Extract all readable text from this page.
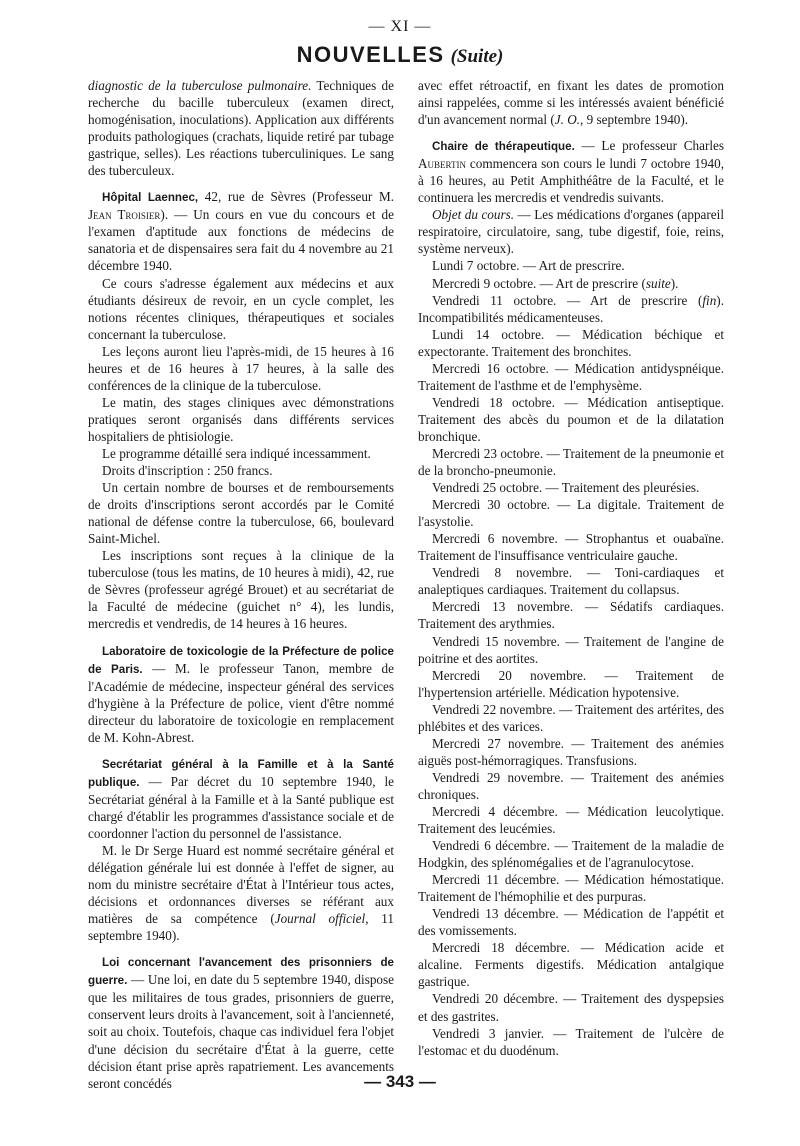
— XI —
NOUVELLES (Suite)

diagnostic de la tuberculose pulmonaire. Techniques de recherche du bacille tuberculeux (examen direct, homogénisation, inoculations). Application aux différents produits pathologiques (crachats, liquide retiré par tubage gastrique, selles). Les réactions tuberculiniques. Le sang des tuberculeux.

Hôpital Laennec, 42, rue de Sèvres (Professeur M. Jean Troisier). — Un cours en vue du concours et de l'examen d'aptitude aux fonctions de médecins de sanatoria et de dispensaires sera fait du 4 novembre au 21 décembre 1940.

Ce cours s'adresse également aux médecins et aux étudiants désireux de revoir, en un cycle complet, les notions récentes cliniques, thérapeutiques et sociales concernant la tuberculose.

Les leçons auront lieu l'après-midi, de 15 heures à 16 heures et de 16 heures à 17 heures, à la salle des conférences de la clinique de la tuberculose.

Le matin, des stages cliniques avec démonstrations pratiques seront organisés dans différents services hospitaliers de phtisiologie.

Le programme détaillé sera indiqué incessamment.

Droits d'inscription : 250 francs.

Un certain nombre de bourses et de remboursements de droits d'inscriptions seront accordés par le Comité national de défense contre la tuberculose, 66, boulevard Saint-Michel.

Les inscriptions sont reçues à la clinique de la tuberculose (tous les matins, de 10 heures à midi), 42, rue de Sèvres (professeur agrégé Brouet) et au secrétariat de la Faculté de médecine (guichet n° 4), les lundis, mercredis et vendredis, de 14 heures à 16 heures.

Laboratoire de toxicologie de la Préfecture de police de Paris. — M. le professeur Tanon, membre de l'Académie de médecine, inspecteur général des services d'hygiène à la Préfecture de police, vient d'être nommé directeur du laboratoire de toxicologie en remplacement de M. Kohn-Abrest.

Secrétariat général à la Famille et à la Santé publique. — Par décret du 10 septembre 1940, le Secrétariat général à la Famille et à la Santé publique est chargé d'établir les programmes d'assistance sociale et de coordonner l'action du personnel de l'assistance.

M. le Dr Serge Huard est nommé secrétaire général et délégation générale lui est donnée à l'effet de signer, au nom du ministre secrétaire d'État à l'Intérieur tous actes, décisions et ordonnances diverses se référant aux matières de sa compétence (Journal officiel, 11 septembre 1940).

Loi concernant l'avancement des prisonniers de guerre. — Une loi, en date du 5 septembre 1940, dispose que les militaires de tous grades, prisonniers de guerre, conservent leurs droits à l'avancement, soit à l'ancienneté, soit au choix. Toutefois, chaque cas individuel fera l'objet d'une décision du secrétaire d'État à la guerre, cette décision étant prise après rapatriement. Les avancements seront concédés

avec effet rétroactif, en fixant les dates de promotion ainsi rappelées, comme si les intéressés avaient bénéficié d'un avancement normal (J. O., 9 septembre 1940).

Chaire de thérapeutique. — Le professeur Charles Aubertin commencera son cours le lundi 7 octobre 1940, à 16 heures, au Petit Amphithéâtre de la Faculté, et le continuera les mercredis et vendredis suivants.

Objet du cours. — Les médications d'organes (appareil respiratoire, circulatoire, sang, tube digestif, foie, reins, système nerveux).

Lundi 7 octobre. — Art de prescrire.

Mercredi 9 octobre. — Art de prescrire (suite).

Vendredi 11 octobre. — Art de prescrire (fin). Incompatibilités médicamenteuses.

Lundi 14 octobre. — Médication béchique et expectorante. Traitement des bronchites.

Mercredi 16 octobre. — Médication antidyspnéique. Traitement de l'asthme et de l'emphysème.

Vendredi 18 octobre. — Médication antiseptique. Traitement des abcès du poumon et de la dilatation bronchique.

Mercredi 23 octobre. — Traitement de la pneumonie et de la broncho-pneumonie.

Vendredi 25 octobre. — Traitement des pleurésies.

Mercredi 30 octobre. — La digitale. Traitement de l'asystolie.

Mercredi 6 novembre. — Strophantus et ouabaïne. Traitement de l'insuffisance ventriculaire gauche.

Vendredi 8 novembre. — Toni-cardiaques et analeptiques cardiaques. Traitement du collapsus.

Mercredi 13 novembre. — Sédatifs cardiaques. Traitement des arythmies.

Vendredi 15 novembre. — Traitement de l'angine de poitrine et des aortites.

Mercredi 20 novembre. — Traitement de l'hypertension artérielle. Médication hypotensive.

Vendredi 22 novembre. — Traitement des artérites, des phlébites et des varices.

Mercredi 27 novembre. — Traitement des anémies aiguës post-hémorragiques. Transfusions.

Vendredi 29 novembre. — Traitement des anémies chroniques.

Mercredi 4 décembre. — Médication leucolytique. Traitement des leucémies.

Vendredi 6 décembre. — Traitement de la maladie de Hodgkin, des splénomégalies et de l'agranulocytose.

Mercredi 11 décembre. — Médication hémostatique. Traitement de l'hémophilie et des purpuras.

Vendredi 13 décembre. — Médication de l'appétit et des vomissements.

Mercredi 18 décembre. — Médication acide et alcaline. Ferments digestifs. Médication antalgique gastrique.

Vendredi 20 décembre. — Traitement des dyspepsies et des gastrites.

Vendredi 3 janvier. — Traitement de l'ulcère de l'estomac et du duodénum.

— 343 —
